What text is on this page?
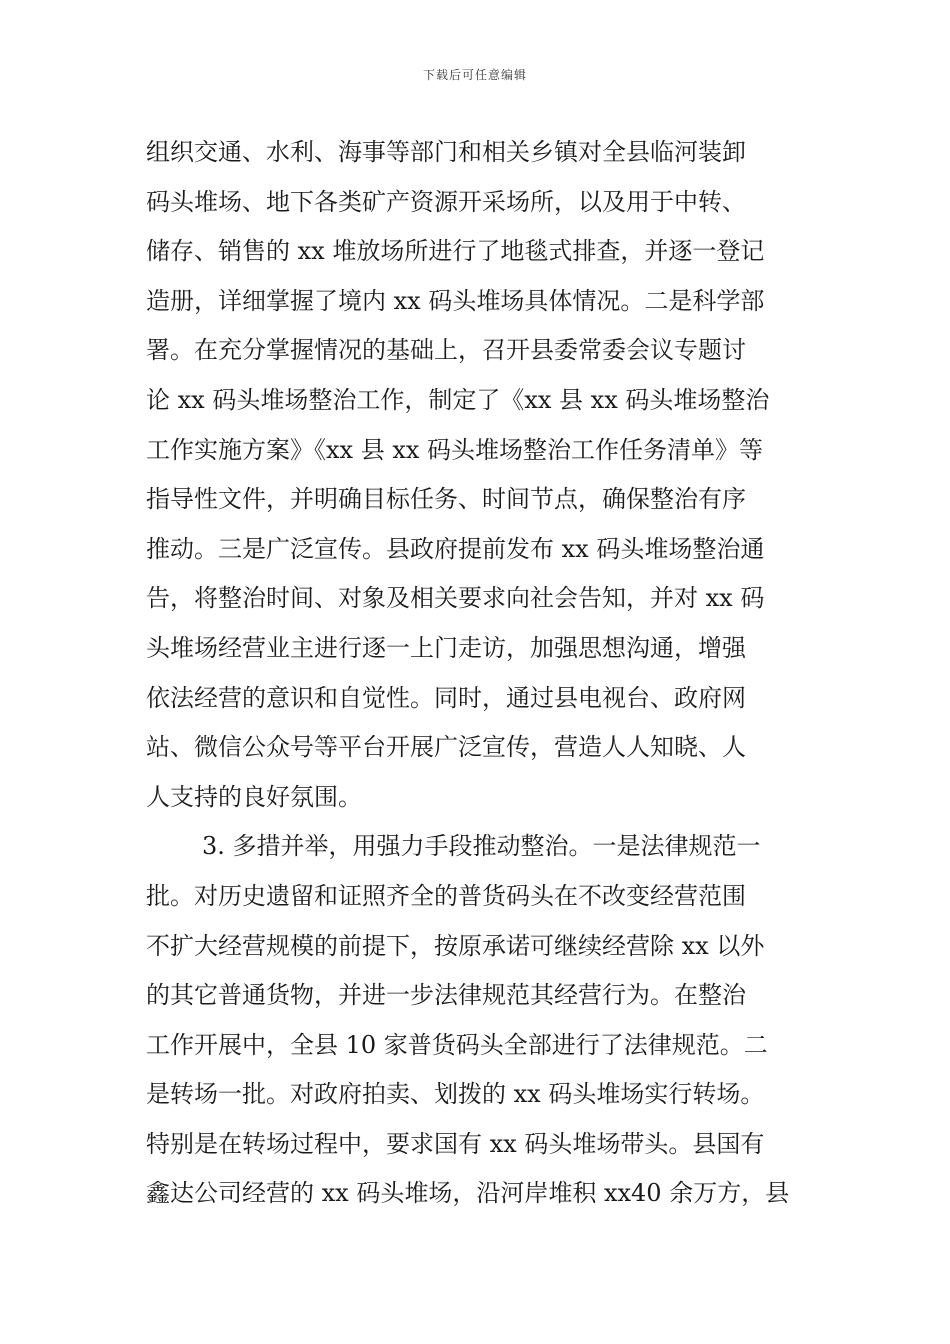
下载后可任意编辑
组织交通、水利、海事等部门和相关乡镇对全县临河装卸
码头堆场、地下各类矿产资源开采场所，以及用于中转、
储存、销售的 xx 堆放场所进行了地毯式排查，并逐一登记
造册，详细掌握了境内 xx 码头堆场具体情况。二是科学部
署。在充分掌握情况的基础上，召开县委常委会议专题讨
论 xx 码头堆场整治工作，制定了《xx 县 xx 码头堆场整治
工作实施方案》《xx 县 xx 码头堆场整治工作任务清单》等
指导性文件，并明确目标任务、时间节点，确保整治有序
推动。三是广泛宣传。县政府提前发布 xx 码头堆场整治通
告，将整治时间、对象及相关要求向社会告知，并对 xx 码
头堆场经营业主进行逐一上门走访，加强思想沟通，增强
依法经营的意识和自觉性。同时，通过县电视台、政府网
站、微信公众号等平台开展广泛宣传，营造人人知晓、人
人支持的良好氛围。
3. 多措并举，用强力手段推动整治。一是法律规范一
批。对历史遗留和证照齐全的普货码头在不改变经营范围
不扩大经营规模的前提下，按原承诺可继续经营除 xx 以外
的其它普通货物，并进一步法律规范其经营行为。在整治
工作开展中，全县 10 家普货码头全部进行了法律规范。二
是转场一批。对政府拍卖、划拨的 xx 码头堆场实行转场。
特别是在转场过程中，要求国有 xx 码头堆场带头。县国有
鑫达公司经营的 xx 码头堆场，沿河岸堆积 xx40 余万方，县
